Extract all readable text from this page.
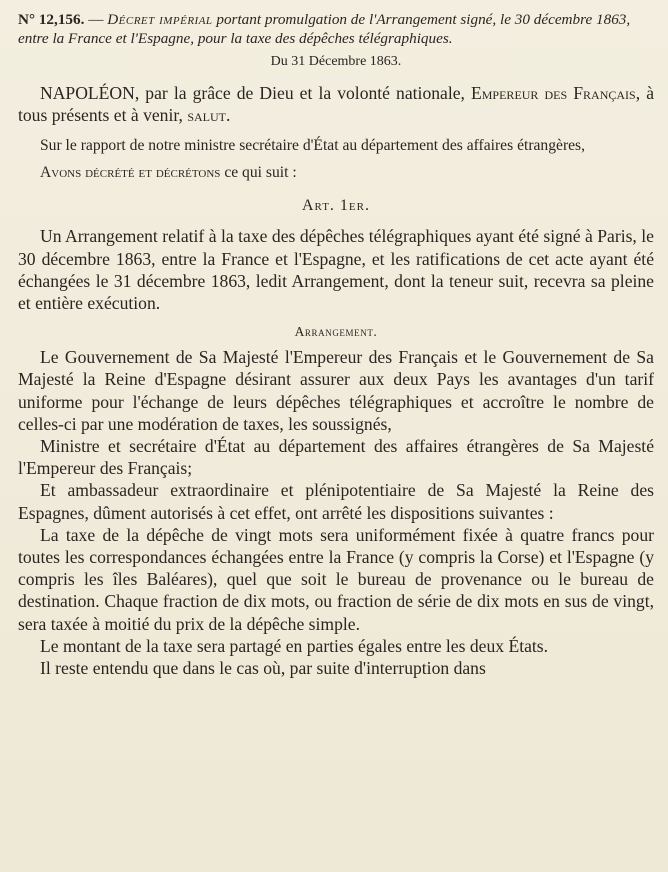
N° 12,156. — Décret impérial portant promulgation de l'Arrangement signé, le 30 décembre 1863, entre la France et l'Espagne, pour la taxe des dépêches télégraphiques.

Du 31 Décembre 1863.

NAPOLÉON, par la grâce de Dieu et la volonté nationale, Empereur des Français, à tous présents et à venir, salut.

Sur le rapport de notre ministre secrétaire d'État au département des affaires étrangères,

Avons décrété et décrétons ce qui suit :

Art. 1er.

Un Arrangement relatif à la taxe des dépêches télégraphiques ayant été signé à Paris, le 30 décembre 1863, entre la France et l'Espagne, et les ratifications de cet acte ayant été échangées le 31 décembre 1863, ledit Arrangement, dont la teneur suit, recevra sa pleine et entière exécution.

Arrangement.

Le Gouvernement de Sa Majesté l'Empereur des Français et le Gouvernement de Sa Majesté la Reine d'Espagne désirant assurer aux deux Pays les avantages d'un tarif uniforme pour l'échange de leurs dépêches télégraphiques et accroître le nombre de celles-ci par une modération de taxes, les soussignés,

Ministre et secrétaire d'État au département des affaires étrangères de Sa Majesté l'Empereur des Français;

Et ambassadeur extraordinaire et plénipotentiaire de Sa Majesté la Reine des Espagnes, dûment autorisés à cet effet, ont arrêté les dispositions suivantes :

La taxe de la dépêche de vingt mots sera uniformément fixée à quatre francs pour toutes les correspondances échangées entre la France (y compris la Corse) et l'Espagne (y compris les îles Baléares), quel que soit le bureau de provenance ou le bureau de destination. Chaque fraction de dix mots, ou fraction de série de dix mots en sus de vingt, sera taxée à moitié du prix de la dépêche simple.

Le montant de la taxe sera partagé en parties égales entre les deux États.

Il reste entendu que dans le cas où, par suite d'interruption dans
